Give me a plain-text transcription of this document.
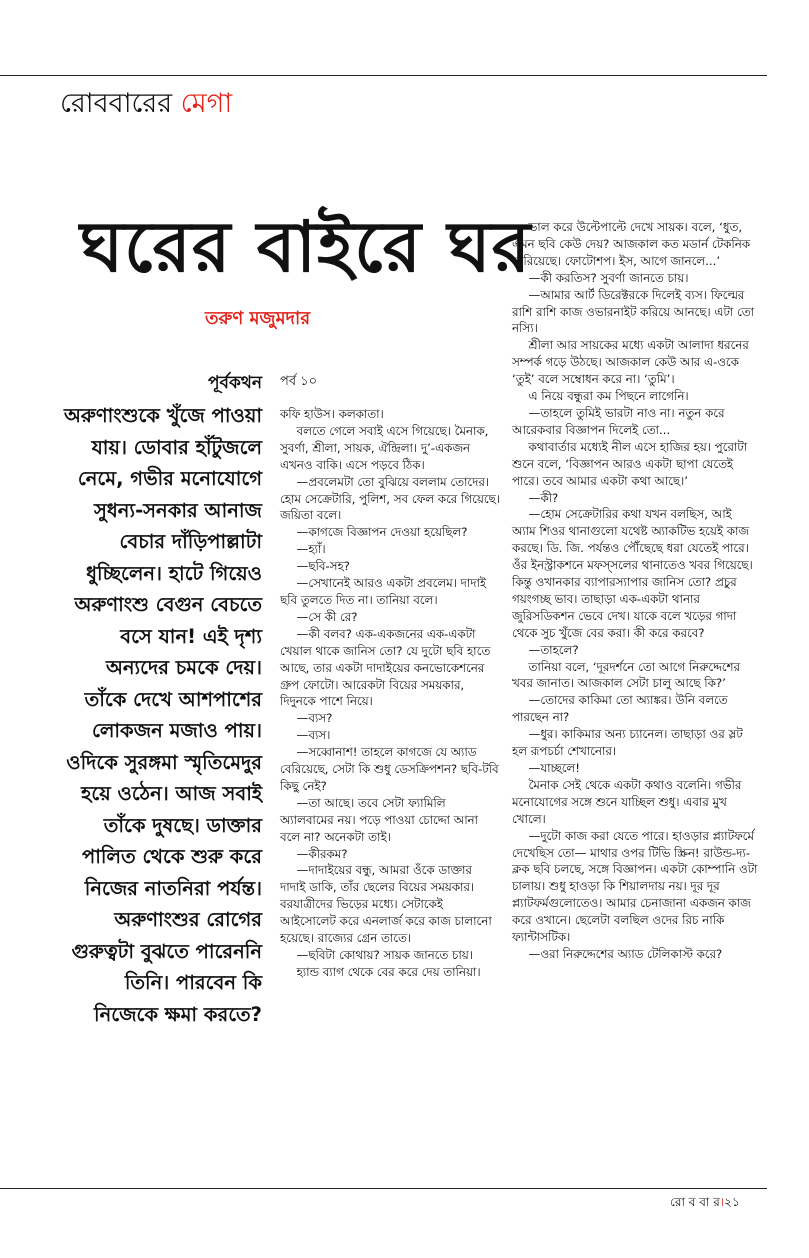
রোববারের মেগা
ঘরের বাইরে ঘর
তরুণ মজুমদার
পূর্বকথন
অরুণাংশুকে খুঁজে পাওয়া যায়। ডোবার হাঁটুজলে নেমে, গভীর মনোযোগে সুধন্য-সনকার আনাজ বেচার দাঁড়িপাল্লাটা ধুচ্ছিলেন। হাটে গিয়েও অরুণাংশু বেগুন বেচতে বসে যান! এই দৃশ্য অন্যদের চমকে দেয়। তাঁকে দেখে আশপাশের লোকজন মজাও পায়। ওদিকে সুরঙ্গমা স্মৃতিমেদুর হয়ে ওঠেন। আজ সবাই তাঁকে দুষছে। ডাক্তার পালিত থেকে শুরু করে নিজের নাতনিরা পর্যন্ত। অরুণাংশুর রোগের গুরুত্বটা বুঝতে পারেননি তিনি। পারবেন কি নিজেকে ক্ষমা করতে?
পর্ব ১০

কফি হাউস। কলকাতা।

বলতে গেলে সবাই এসে গিয়েছে। মৈনাক, সুবর্ণা, শ্রীলা, সায়ক, ঐন্দ্রিলা। দু’-একজন এখনও বাকি। এসে পড়বে ঠিক।

—প্রবলেমটা তো বুঝিয়ে বললাম তোদের। হোম সেক্রেটারি, পুলিশ, সব ফেল করে গিয়েছে। জয়িতা বলে।

—কাগজে বিজ্ঞাপন দেওয়া হয়েছিল?

—হ্যাঁ।

—ছবি-সহ?

—সেখানেই আরও একটা প্রবলেম। দাদাই ছবি তুলতে দিত না। তানিয়া বলে।

—সে কী রে?

—কী বলব? এক-একজনের এক-একটা খেয়াল থাকে জানিস তো? যে দুটো ছবি হাতে আছে, তার একটা দাদাইয়ের কনভোকেশনের গ্রুপ ফোটো। আরেকটা বিয়ের সময়কার, দিদুনকে পাশে নিয়ে।

—ব্যস?

—ব্যস।

—সব্বোনাশ! তাহলে কাগজে যে অ্যাড বেরিয়েছে, সেটা কি শুধু ডেসক্রিপশন? ছবি-টবি কিছু নেই?

—তা আছে। তবে সেটা ফ্যামিলি অ্যালবামের নয়। পড়ে পাওয়া চোদ্দো আনা বলে না? অনেকটা তাই।

—কীরকম?

—দাদাইয়ের বন্ধু, আমরা ওঁকে ডাক্তার দাদাই ডাকি, তাঁর ছেলের বিয়ের সময়কার। বরযাত্রীদের ভিড়ের মধ্যে। সেটাকেই আইসোলেট করে এনলার্জ করে কাজ চালানো হয়েছে। রাজ্যের গ্রেন তাতে।

—ছবিটা কোথায়? সায়ক জানতে চায়।

হ্যান্ড ব্যাগ থেকে বের করে দেয় তানিয়া।

ভাল করে উল্টেপাল্টে দেখে সায়ক। বলে, ‘ধুত, এমন ছবি কেউ দেয়? আজকাল কত মডার্ন টেকনিক বেরিয়েছে। ফোটোশপ। ইস, আগে জানলে...’

—কী করতিস? সুবর্ণা জানতে চায়।

—আমার আর্ট ডিরেক্টরকে দিলেই ব্যস। ফিল্মের রাশি রাশি কাজ ওভারনাইট করিয়ে আনছে। এটা তো নস্যি।

শ্রীলা আর সায়কের মধ্যে একটা আলাদা ধরনের সম্পর্ক গড়ে উঠছে। আজকাল কেউ আর এ-ওকে ‘তুই’ বলে সম্বোধন করে না। ‘তুমি’।

এ নিয়ে বন্ধুরা কম পিছনে লাগেনি।

—তাহলে তুমিই ভারটা নাও না। নতুন করে আরেকবার বিজ্ঞাপন দিলেই তো...

কথাবার্তার মধ্যেই নীল এসে হাজির হয়। পুরোটা শুনে বলে, ‘বিজ্ঞাপন আরও একটা ছাপা যেতেই পারে। তবে আমার একটা কথা আছে।’

—কী?

—হোম সেক্রেটারির কথা যখন বলছিস, আই অ্যাম শিওর থানাগুলো যথেষ্ট অ্যাকটিভ হয়েই কাজ করছে। ডি. জি. পর্যন্তও পৌঁছেছে ধরা যেতেই পারে। ওঁর ইনস্ট্রাকশনে মফস্‌সলের থানাতেও খবর গিয়েছে। কিন্তু ওখানকার ব্যাপারস্যাপার জানিস তো? প্রচুর গয়ংগচ্ছ ভাব। তাছাড়া এক-একটা থানার জুরিসডিকশন ভেবে দেখ। যাকে বলে খড়ের গাদা থেকে সুচ খুঁজে বের করা। কী করে করবে?

—তাহলে?

তানিয়া বলে, ‘দূরদর্শনে তো আগে নিরুদ্দেশের খবর জানাত। আজকাল সেটা চালু আছে কি?’

—তোদের কাকিমা তো অ্যাঙ্কর। উনি বলতে পারছেন না?

—ধুর। কাকিমার অন্য চ্যানেল। তাছাড়া ওর স্লট হল রূপচর্চা শেখানোর।

—যাচ্ছলে!

মৈনাক সেই থেকে একটা কথাও বলেনি। গভীর মনোযোগের সঙ্গে শুনে যাচ্ছিল শুধু। এবার মুখ খোলে।

—দুটো কাজ করা যেতে পারে। হাওড়ার প্ল্যাটফর্মে দেখেছিস তো— মাথার ওপর টিভি স্ক্রিন! রাউন্ড-দ্য-ক্লক ছবি চলছে, সঙ্গে বিজ্ঞাপন। একটা কোম্পানি ওটা চালায়। শুধু হাওড়া কি শিয়ালদায় নয়। দূর দূর প্ল্যাটফর্মগুলোতেও। আমার চেনাজানা একজন কাজ করে ওখানে। ছেলেটা বলছিল ওদের রিচ নাকি ফ্যান্টাসটিক।

—ওরা নিরুদ্দেশের অ্যাড টেলিকাস্ট করে?

রো ব বা র।২১
